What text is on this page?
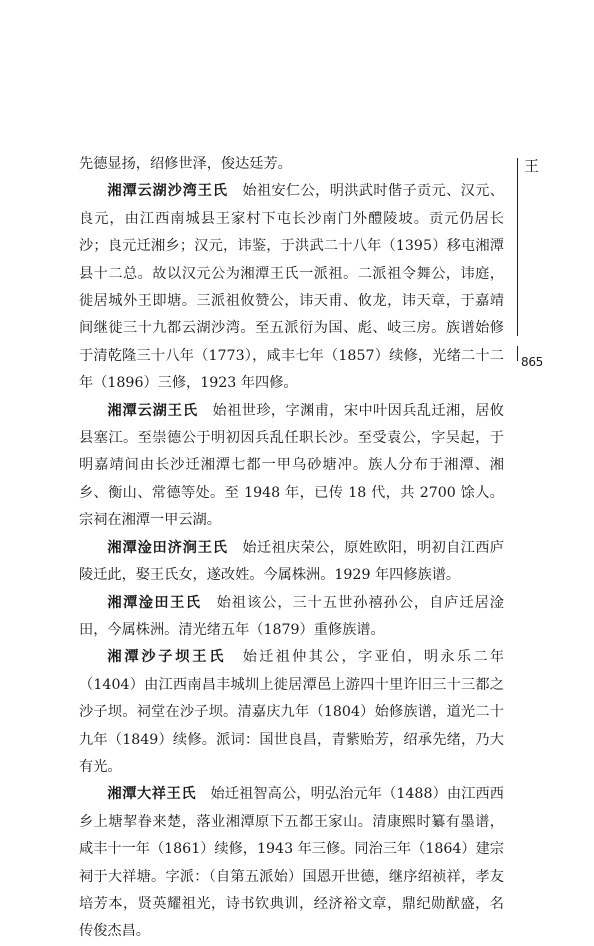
先德显扬，绍修世泽，俊达廷芳。

湘潭云湖沙湾王氏　始祖安仁公，明洪武时偕子贡元、汉元、良元，由江西南城县王家村下屯长沙南门外醴陵坡。贡元仍居长沙；良元迁湘乡；汉元，讳鉴，于洪武二十八年（1395）移屯湘潭县十二总。故以汉元公为湘潭王氏一派祖。二派祖令舞公，讳庭，徙居城外王即塘。三派祖攸赞公，讳天甫、攸龙，讳天章，于嘉靖间继徙三十九都云湖沙湾。至五派衍为国、彪、岐三房。族谱始修于清乾隆三十八年（1773），咸丰七年（1857）续修，光绪二十二年（1896）三修，1923 年四修。

湘潭云湖王氏　始祖世珍，字渊甫，宋中叶因兵乱迁湘，居攸县塞江。至崇德公于明初因兵乱任职长沙。至受袁公，字吴起，于明嘉靖间由长沙迁湘潭七都一甲乌砂塘冲。族人分布于湘潭、湘乡、衡山、常德等处。至 1948 年，已传 18 代，共 2700 馀人。宗祠在湘潭一甲云湖。

湘潭淦田济涧王氏　始迁祖庆荣公，原姓欧阳，明初自江西庐陵迁此，娶王氏女，遂改姓。今属株洲。1929 年四修族谱。

湘潭淦田王氏　始祖该公，三十五世孙禧孙公，自庐迁居淦田，今属株洲。清光绪五年（1879）重修族谱。

湘潭沙子坝王氏　始迁祖仲其公，字亚伯，明永乐二年（1404）由江西南昌丰城圳上徙居潭邑上游四十里许旧三十三都之沙子坝。祠堂在沙子坝。清嘉庆九年（1804）始修族谱，道光二十九年（1849）续修。派词：国世良昌，青紫贻芳，绍承先绪，乃大有光。

湘潭大祥王氏　始迁祖智高公，明弘治元年（1488）由江西西乡上塘挈眷来楚，落业湘潭原下五都王家山。清康熙时纂有墨谱，咸丰十一年（1861）续修，1943 年三修。同治三年（1864）建宗祠于大祥塘。字派：（自第五派始）国恩开世德，继序绍祯祥，孝友培芳本，贤英耀祖光，诗书钦典训，经济裕文章，鼎纪勋猷盛，名传俊杰昌。

王
865
